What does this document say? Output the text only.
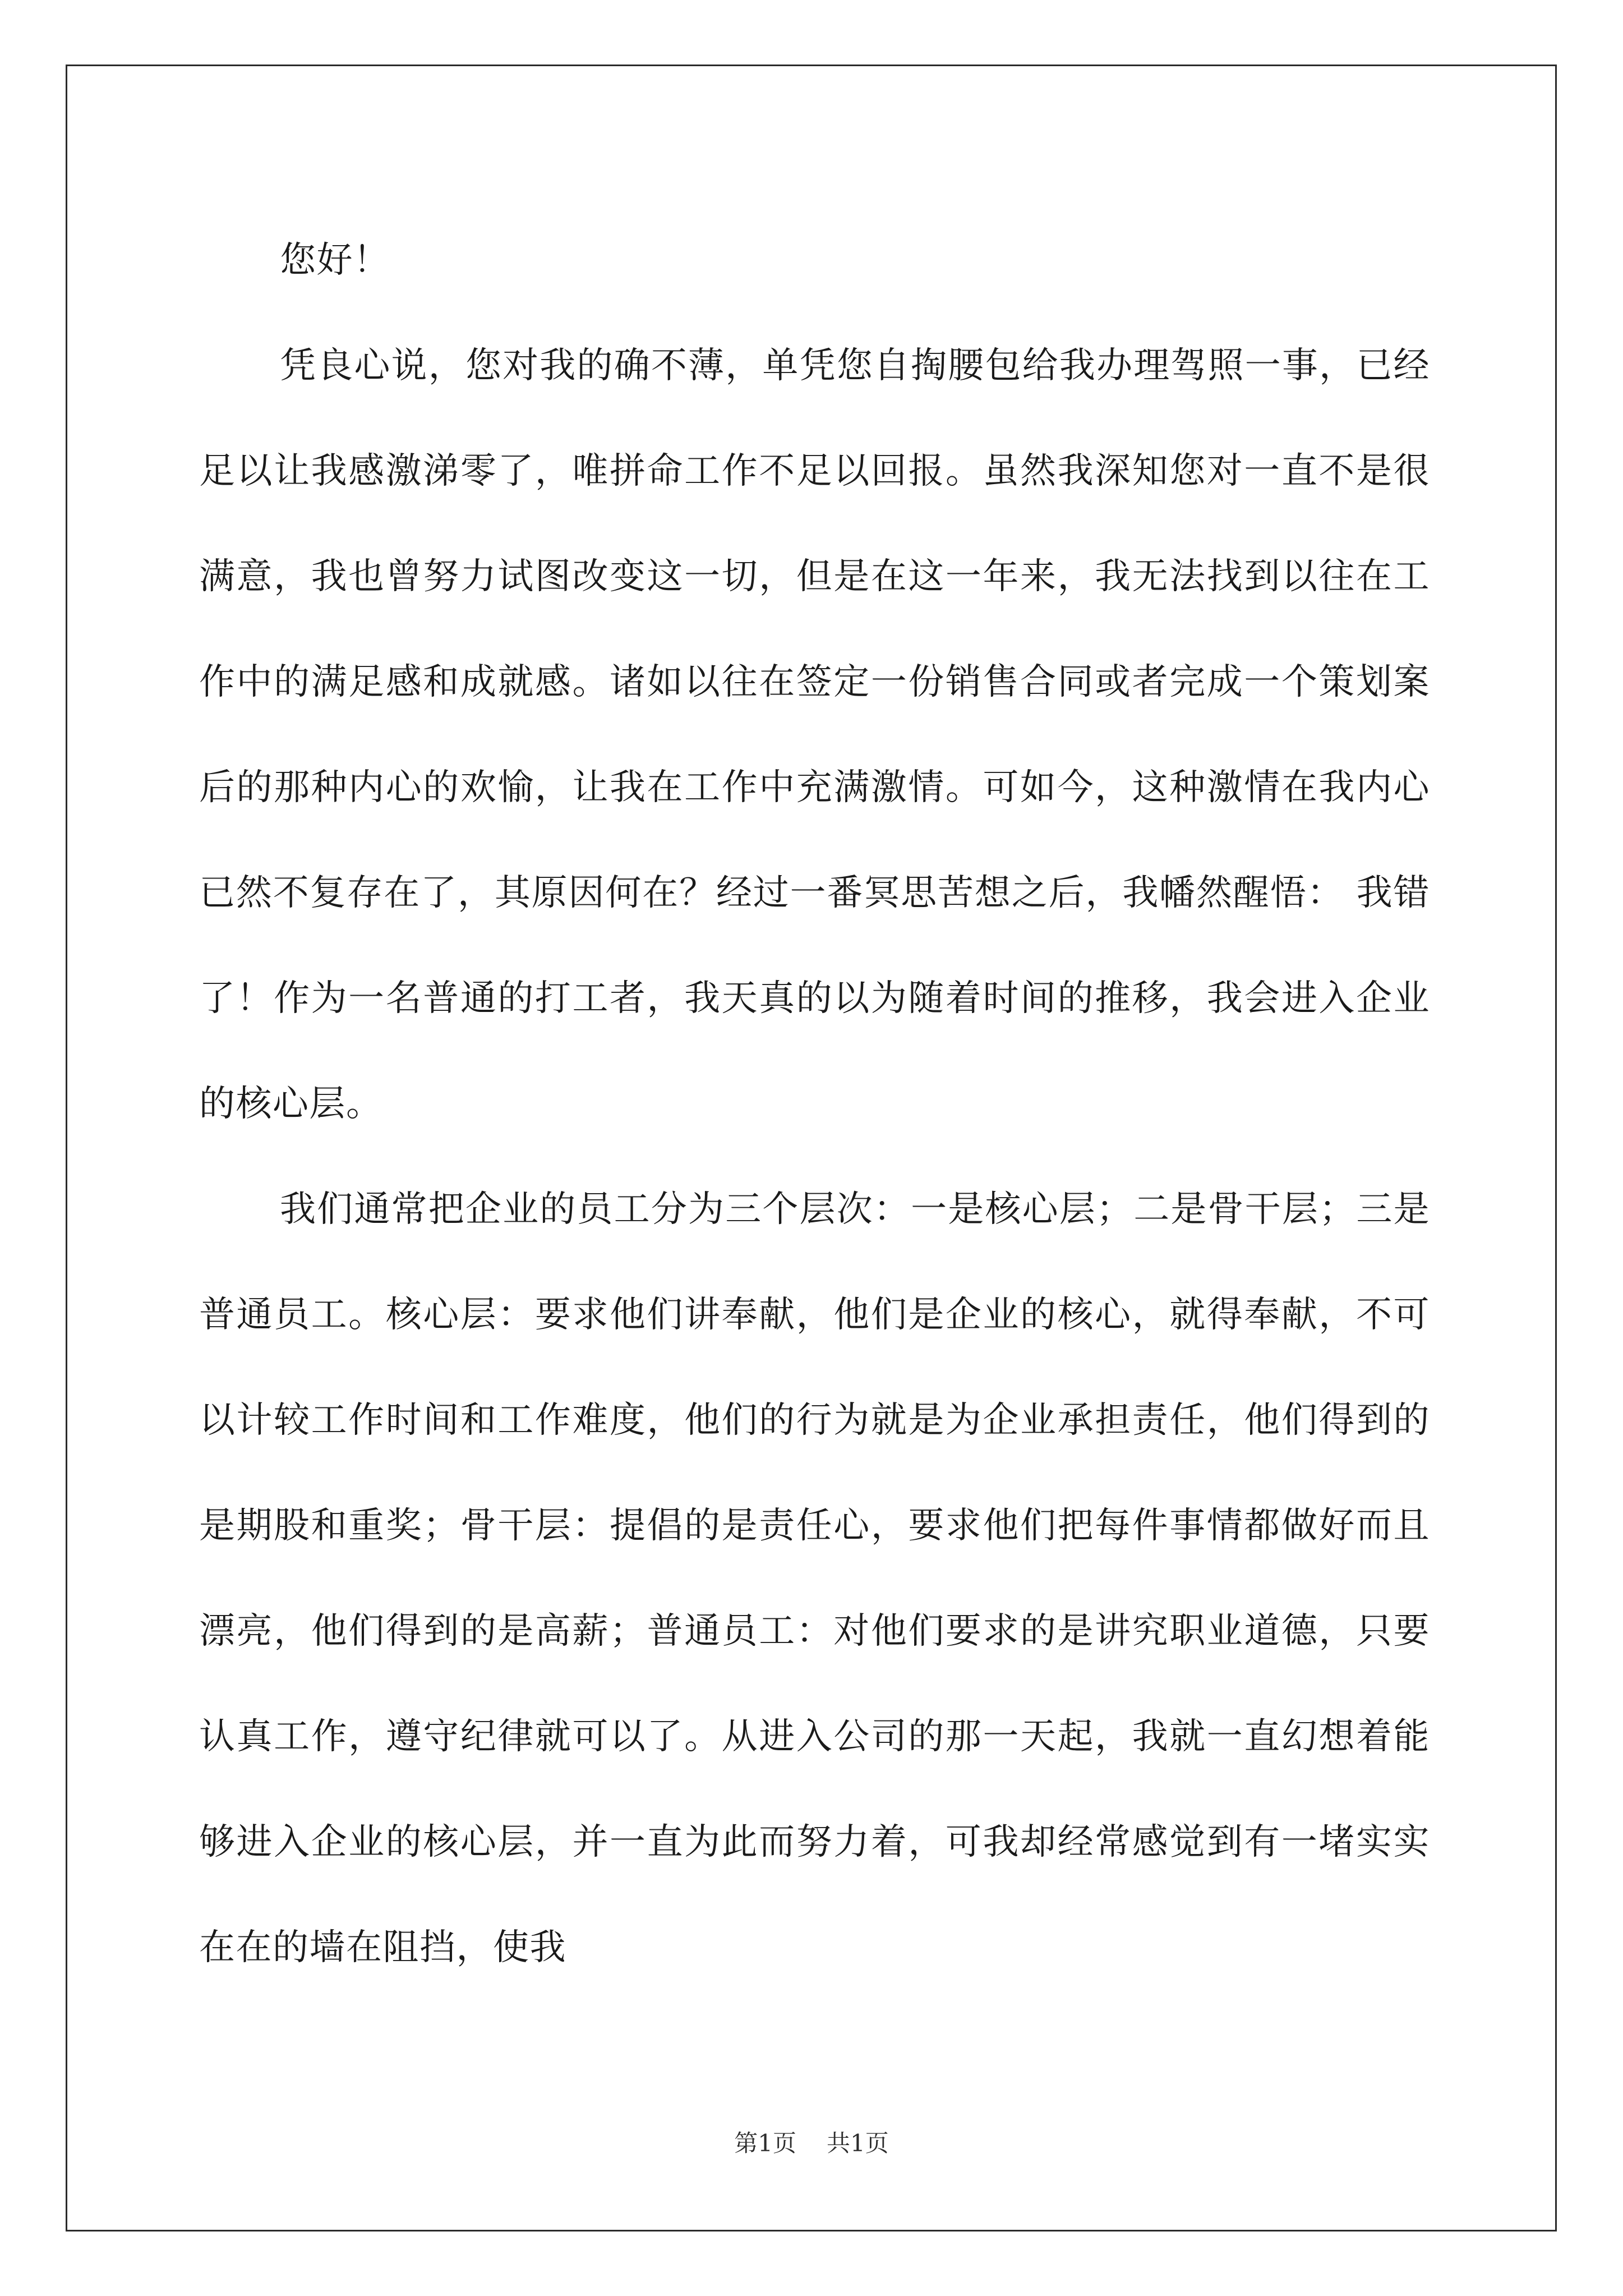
您好！

凭良心说，您对我的确不薄，单凭您自掏腰包给我办理驾照一事，已经足以让我感激涕零了，唯拼命工作不足以回报。虽然我深知您对一直不是很满意，我也曾努力试图改变这一切，但是在这一年来，我无法找到以往在工作中的满足感和成就感。诸如以往在签定一份销售合同或者完成一个策划案后的那种内心的欢愉，让我在工作中充满激情。可如今，这种激情在我内心已然不复存在了，其原因何在？经过一番冥思苦想之后，我幡然醒悟： 我错了！作为一名普通的打工者，我天真的以为随着时间的推移，我会进入企业的核心层。

我们通常把企业的员工分为三个层次：一是核心层；二是骨干层；三是普通员工。核心层：要求他们讲奉献，他们是企业的核心，就得奉献，不可以计较工作时间和工作难度，他们的行为就是为企业承担责任，他们得到的是期股和重奖；骨干层：提倡的是责任心，要求他们把每件事情都做好而且漂亮，他们得到的是高薪；普通员工：对他们要求的是讲究职业道德，只要认真工作，遵守纪律就可以了。从进入公司的那一天起，我就一直幻想着能够进入企业的核心层，并一直为此而努力着，可我却经常感觉到有一堵实实在在的墙在阻挡，使我

第1页 共1页
